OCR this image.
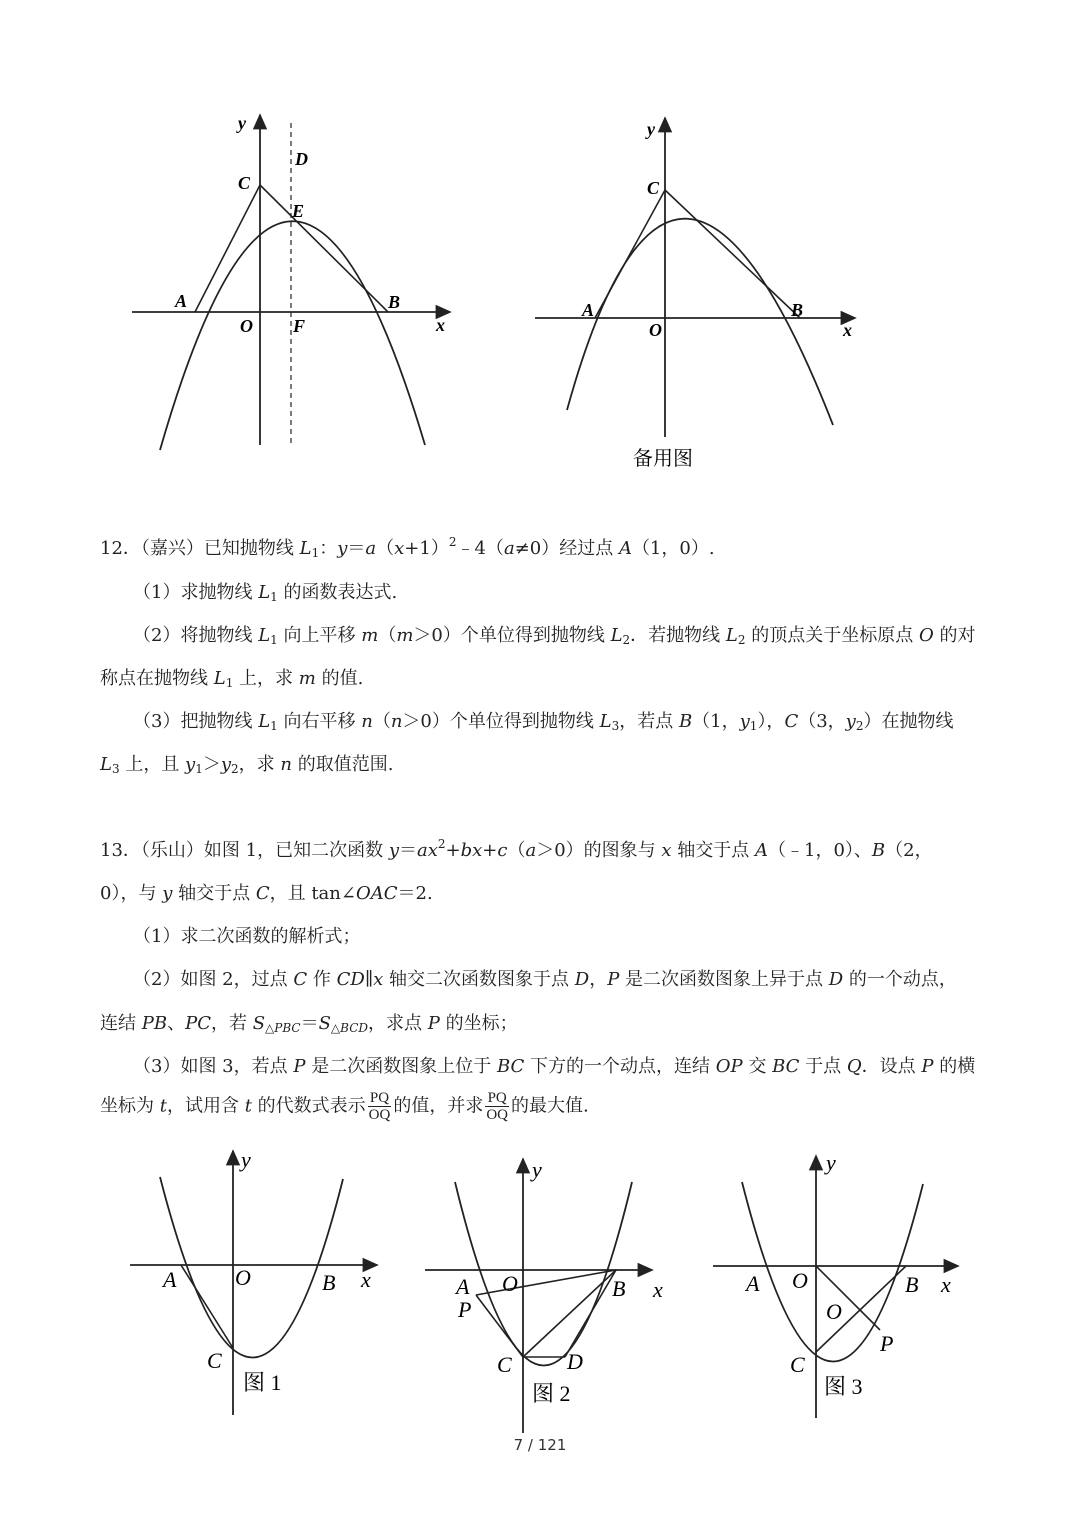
y
x
O
A	B
C
D
E
F
y
x
O
A	B
C
备用图
12．（嘉兴）已知抛物线 $L_1$：$y=a(x+1)^2﹣4(a\ne 0)$经过点 A（1，0）.
（1）求抛物线 $L_1$ 的函数表达式.
（2）将抛物线 $L_1$ 向上平移 m（m＞0）个单位得到抛物线 $L_2$．若抛物线 $L_2$ 的顶点关于坐标原点 O 的对
称点在抛物线 $L_1$ 上，求 m 的值.
（3）把抛物线 $L_1$ 向右平移 n（n＞0）个单位得到抛物线 $L_3$，若点 B（1，$y_1$），C（3，$y_2$）在抛物线
$L_3$ 上，且 $y_1>y_2$，求 n 的取值范围.
13．（乐山）如图 1，已知二次函数 $y=ax^2+bx+c(a>0)$的图象与 x 轴交于点 A（﹣1，0）、B（2，
0），与 y 轴交于点 C，且 tan∠OAC＝2.
（1）求二次函数的解析式；
（2）如图 2，过点 C 作 CD∥x 轴交二次函数图象于点 D，P 是二次函数图象上异于点 D 的一个动点，
连结 PB、PC，若 $S_{\triangle PBC}=S_{\triangle BCD}$，求点 P 的坐标；
（3）如图 3，若点 P 是二次函数图象上位于 BC 下方的一个动点，连结 OP 交 BC 于点 Q．设点 P 的横
坐标为 t，试用含 t 的代数式表示 $\frac{PQ}{OQ}$ 的值，并求 $\frac{PQ}{OQ}$ 的最大值.
y
x
O
A	B
C
图 1
y
x
O
A	B
P
C	D
图 2
y
x
O
A	B
O
P
C
图 3
7 / 121
